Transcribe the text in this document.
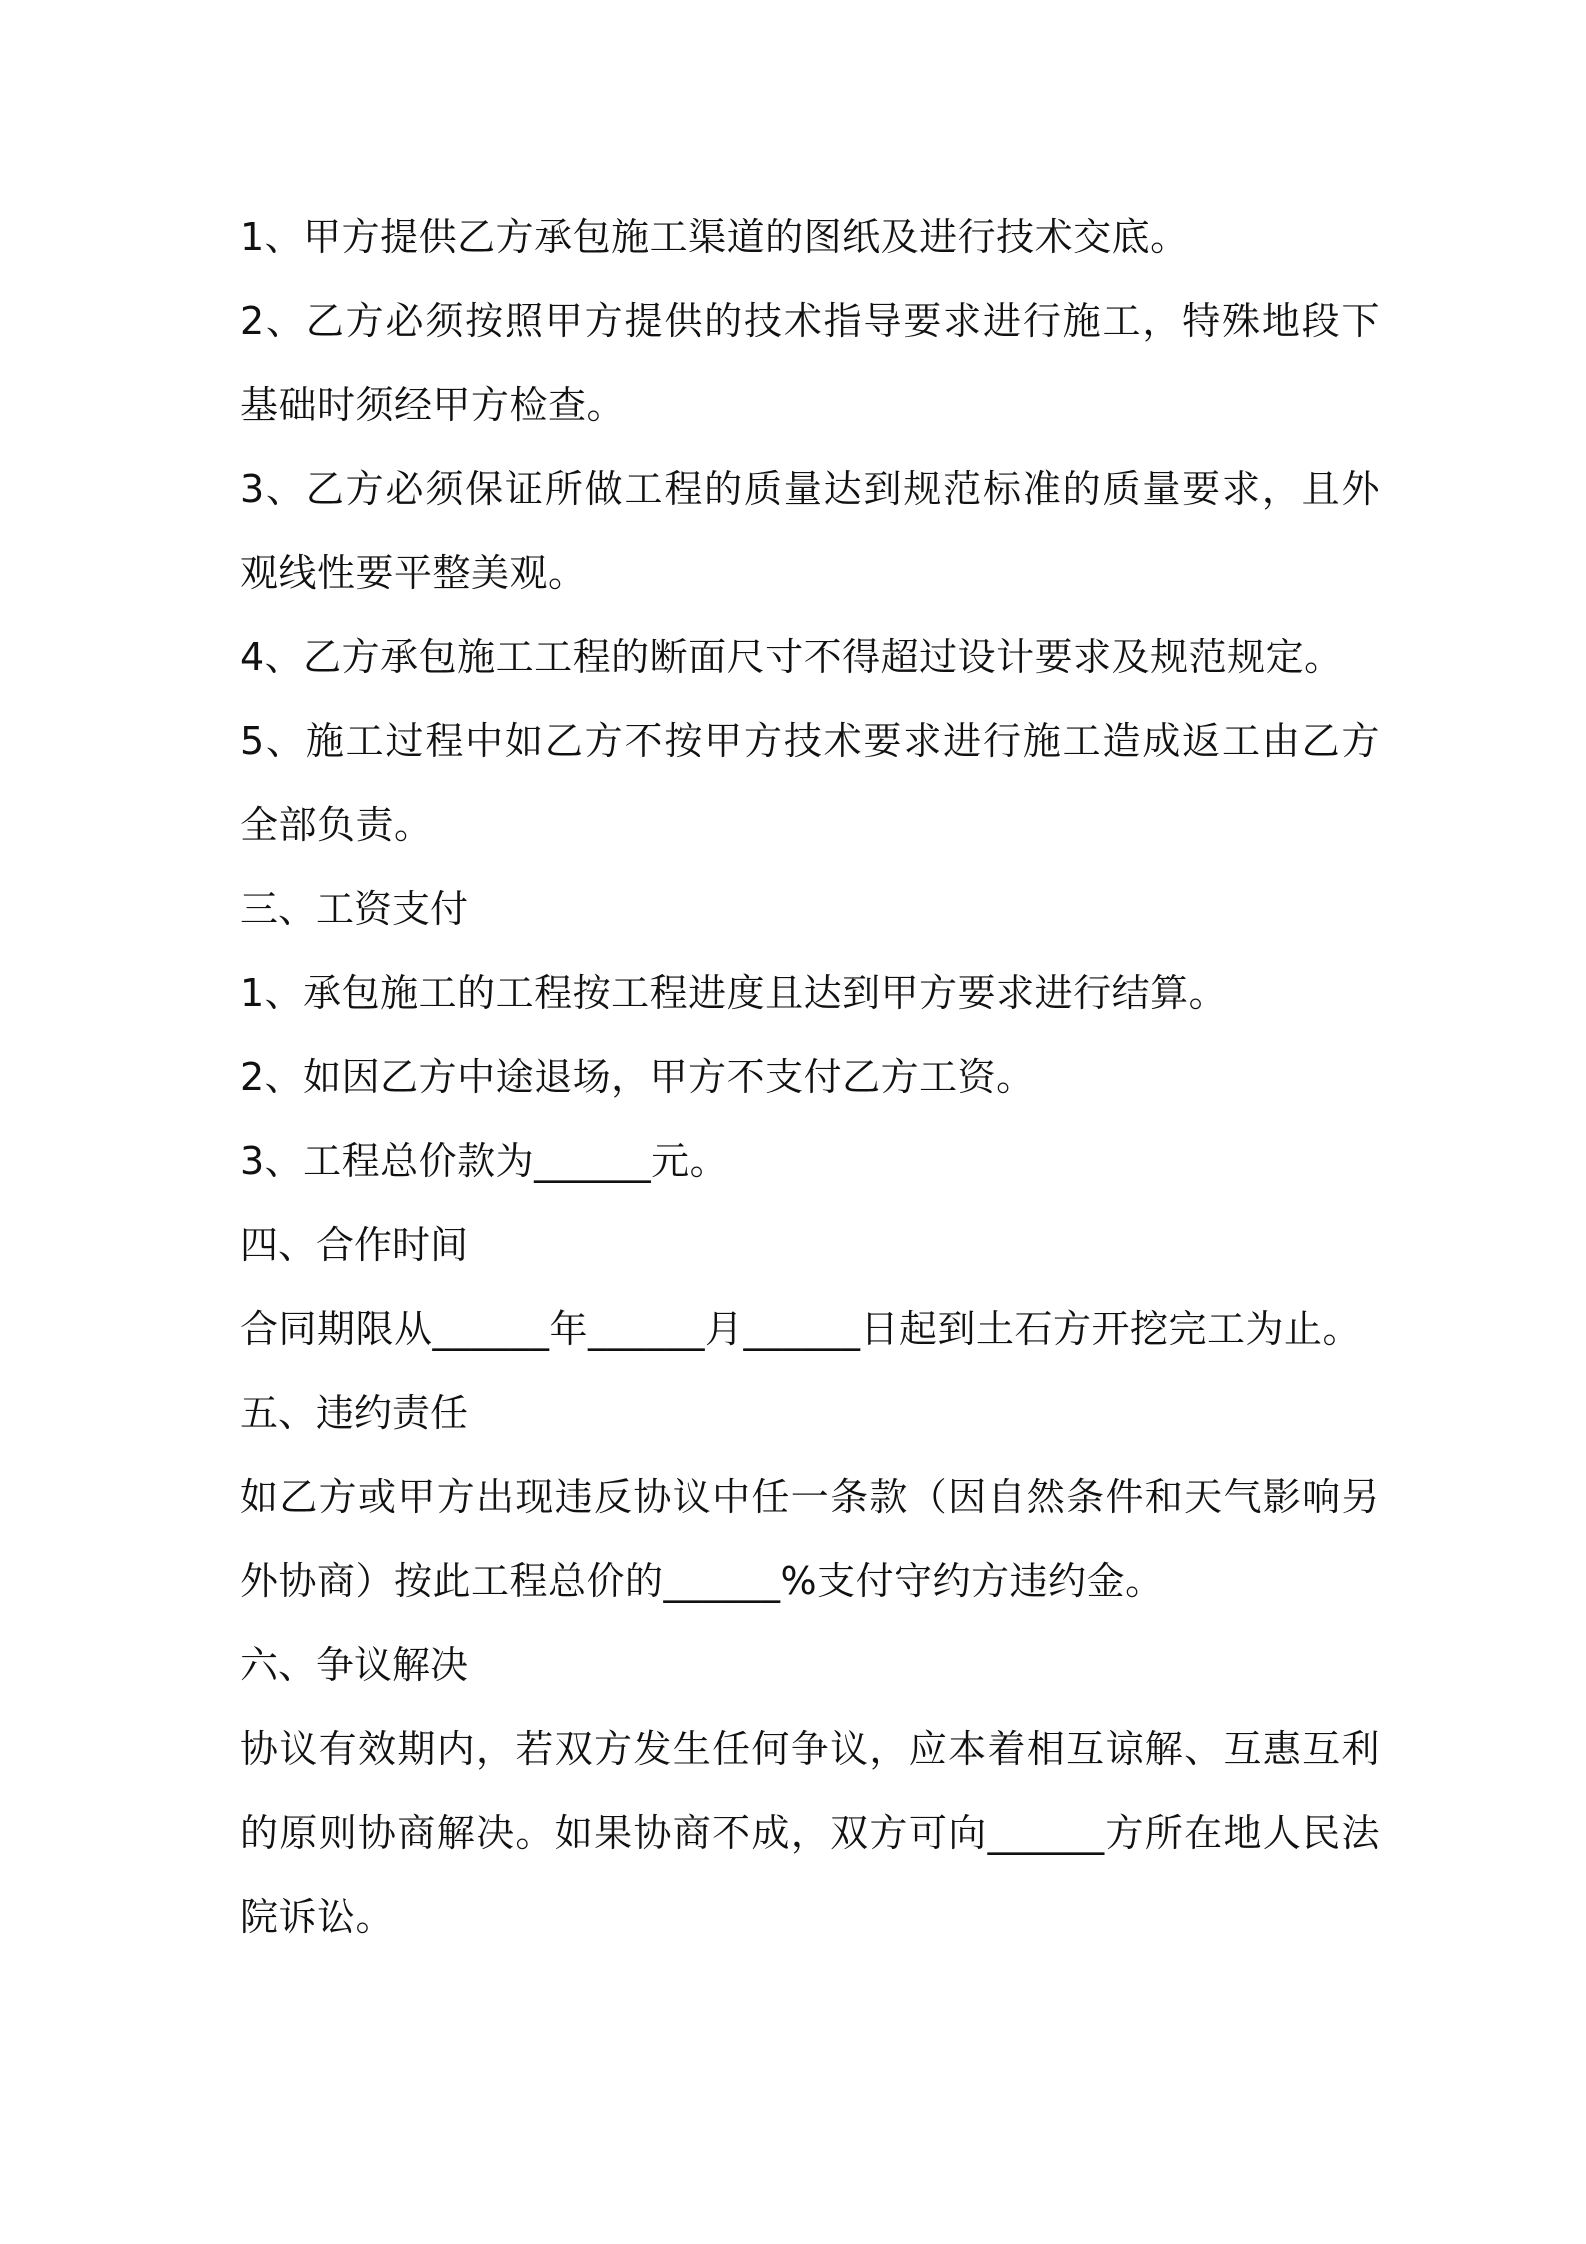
1、甲方提供乙方承包施工渠道的图纸及进行技术交底。

2、乙方必须按照甲方提供的技术指导要求进行施工，特殊地段下基础时须经甲方检查。

3、乙方必须保证所做工程的质量达到规范标准的质量要求，且外观线性要平整美观。

4、乙方承包施工工程的断面尺寸不得超过设计要求及规范规定。

5、施工过程中如乙方不按甲方技术要求进行施工造成返工由乙方全部负责。

三、工资支付

1、承包施工的工程按工程进度且达到甲方要求进行结算。

2、如因乙方中途退场，甲方不支付乙方工资。

3、工程总价款为______元。

四、合作时间

合同期限从______年______月______日起到土石方开挖完工为止。

五、违约责任

如乙方或甲方出现违反协议中任一条款（因自然条件和天气影响另外协商）按此工程总价的______%支付守约方违约金。

六、争议解决

协议有效期内，若双方发生任何争议，应本着相互谅解、互惠互利的原则协商解决。如果协商不成，双方可向______方所在地人民法院诉讼。
